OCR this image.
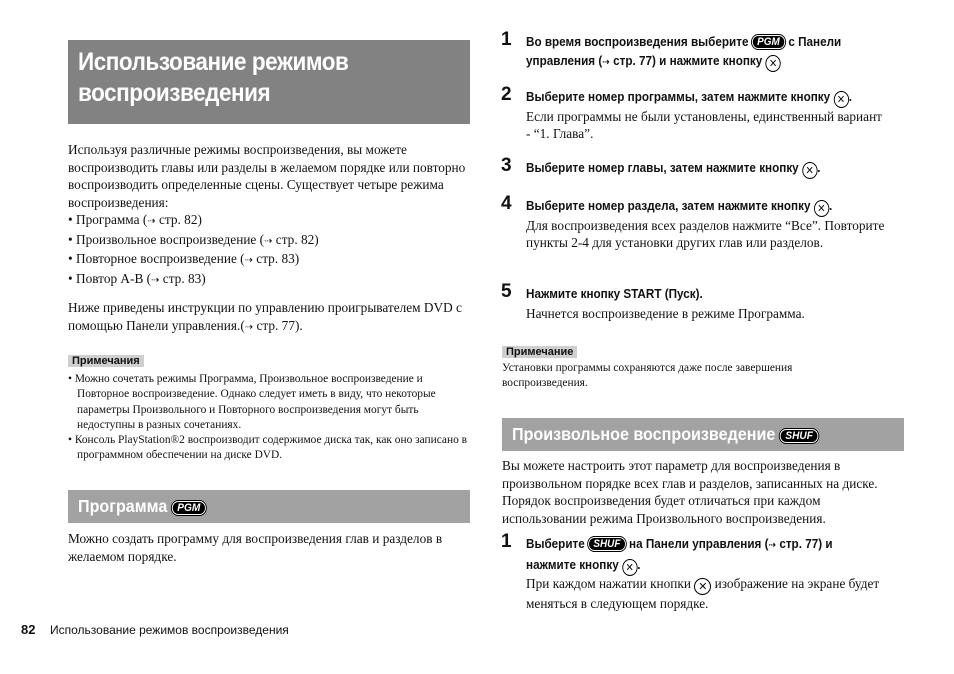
Использование режимов воспроизведения

Используя различные режимы воспроизведения, вы можете воспроизводить главы или разделы в желаемом порядке или повторно воспроизводить определенные сцены. Существует четыре режима воспроизведения:

• Программа (⇢ стр. 82)

• Произвольное воспроизведение (⇢ стр. 82)

• Повторное воспроизведение (⇢ стр. 83)

• Повтор A-B (⇢ стр. 83)

Ниже приведены инструкции по управлению проигрывателем DVD с помощью Панели управления.(⇢ стр. 77).
Примечания

• Можно сочетать режимы Программа, Произвольное воспроизведение и Повторное воспроизведение. Однако следует иметь в виду, что некоторые параметры Произвольного и Повторного воспроизведения могут быть недоступны в разных сочетаниях.

• Консоль PlayStation®2 воспроизводит содержимое диска так, как оно записано в программном обеспечении на диске DVD.

Программа PGM
Можно создать программу для воспроизведения глав и разделов в желаемом порядке.
1 Во время воспроизведения выберите PGM с Панели
управления (⇢ стр. 77) и нажмите кнопку ✕
2 Выберите номер программы, затем нажмите кнопку ✕ .
Если программы не были установлены, единственный вариант - “1. Глава”.
3 Выберите номер главы, затем нажмите кнопку ✕ .
4 Выберите номер раздела, затем нажмите кнопку ✕ .
Для воспроизведения всех разделов нажмите “Все”. Повторите пункты 2-4 для установки других глав или разделов.
5 Нажмите кнопку START (Пуск).
Начнется воспроизведение в режиме Программа.
Примечание
Установки программы сохраняются даже после завершения воспроизведения.
Произвольное воспроизведение SHUF
Вы можете настроить этот параметр для воспроизведения в произвольном порядке всех глав и разделов, записанных на диске. Порядок воспроизведения будет отличаться при каждом использовании режима Произвольного воспроизведения.
1 Выберите SHUF на Панели управления (⇢ стр. 77) и
нажмите кнопку ✕ .
При каждом нажатии кнопки ✕ изображение на экране будет меняться в следующем порядке.
82 Использование режимов воспроизведения
